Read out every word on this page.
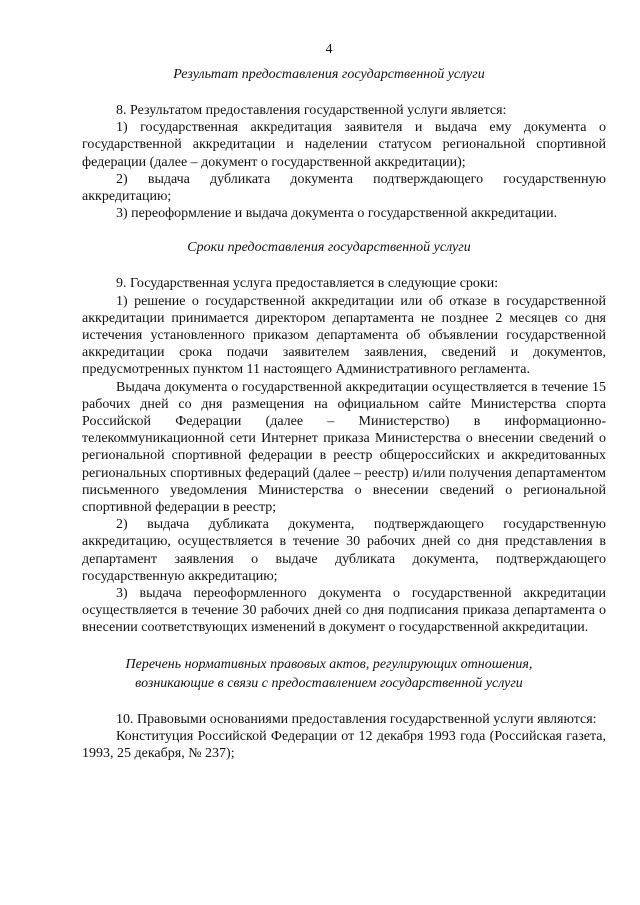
4
Результат предоставления государственной услуги

8. Результатом предоставления государственной услуги является:

1) государственная аккредитация заявителя и выдача ему документа о государственной аккредитации и наделении статусом региональной спортивной федерации (далее – документ о государственной аккредитации);

2) выдача дубликата документа подтверждающего государственную аккредитацию;

3) переоформление и выдача документа о государственной аккредитации.

Сроки предоставления государственной услуги

9. Государственная услуга предоставляется в следующие сроки:

1) решение о государственной аккредитации или об отказе в государственной аккредитации принимается директором департамента не позднее 2 месяцев со дня истечения установленного приказом департамента об объявлении государственной аккредитации срока подачи заявителем заявления, сведений и документов, предусмотренных пунктом 11 настоящего Административного регламента.

Выдача документа о государственной аккредитации осуществляется в течение 15 рабочих дней со дня размещения на официальном сайте Министерства спорта Российской Федерации (далее – Министерство) в информационно-телекоммуникационной сети Интернет приказа Министерства о внесении сведений о региональной спортивной федерации в реестр общероссийских и аккредитованных региональных спортивных федераций (далее – реестр) и/или получения департаментом письменного уведомления Министерства о внесении сведений о региональной спортивной федерации в реестр;

2) выдача дубликата документа, подтверждающего государственную аккредитацию, осуществляется в течение 30 рабочих дней со дня представления в департамент заявления о выдаче дубликата документа, подтверждающего государственную аккредитацию;

3) выдача переоформленного документа о государственной аккредитации осуществляется в течение 30 рабочих дней со дня подписания приказа департамента о внесении соответствующих изменений в документ о государственной аккредитации.

Перечень нормативных правовых актов, регулирующих отношения,
возникающие в связи с предоставлением государственной услуги

10. Правовыми основаниями предоставления государственной услуги являются:

Конституция Российской Федерации от 12 декабря 1993 года (Российская газета, 1993, 25 декабря, № 237);
